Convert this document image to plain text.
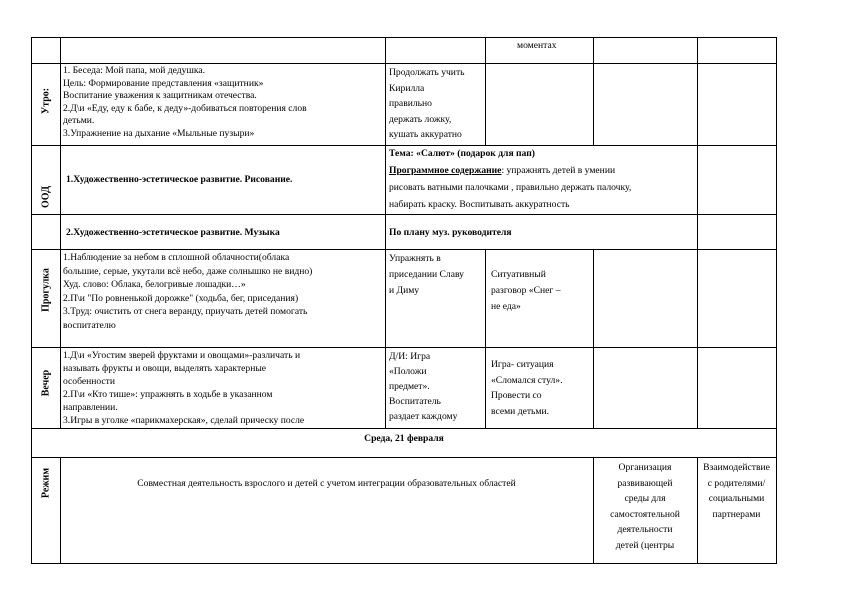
моментах
Утро:
1. Беседа: Мой папа, мой дедушка.
Цель: Формирование представления «защитник»
Воспитание уважения к защитникам отечества.
2.Д\и «Еду, еду к бабе, к деду»-добиваться повторения слов
детьми.
3.Упражнение на дыхание «Мыльные пузыри»
Продолжать учить
Кирилла
правильно
держать ложку,
кушать аккуратно
ООД
1.Художественно-эстетическое развитие. Рисование.
Тема: «Салют» (подарок для пап)
Программное содержание: упражнять детей в умении
рисовать ватными палочками , правильно держать палочку,
набирать краску. Воспитывать аккуратность
2.Художественно-эстетическое развитие. Музыка	По плану муз. руководителя
Прогулка
1.Наблюдение за небом в сплошной облачности(облака
большие, серые, укутали всё небо, даже солнышко не видно)
Худ. слово: Облака, белогривые лошадки…»
2.П\и "По ровненькой дорожке" (ходьба, бег, приседания)
3.Труд: очистить от снега веранду, приучать детей помогать
воспитателю
Упражнять в
приседании Славу
и Диму
Ситуативный
разговор «Снег –
не еда»
Вечер
1.Д\и «Угостим зверей фруктами и овощами»-различать и
называть фрукты и овощи, выделять характерные
особенности
2.П\и «Кто тише»: упражнять в ходьбе в указанном
направлении.
3.Игры в уголке «парикмахерская», сделай прическу после
Д/И: Игра
«Положи
предмет».
Воспитатель
раздает каждому
Игра- ситуация
«Сломался стул».
Провести со
всеми детьми.
Среда, 21 февраля
Режим	Совместная деятельность взрослого и детей с учетом интеграции образовательных областей
Организация
развивающей
среды для
самостоятельной
деятельности
детей (центры
Взаимодействие
с родителями/
социальными
партнерами
